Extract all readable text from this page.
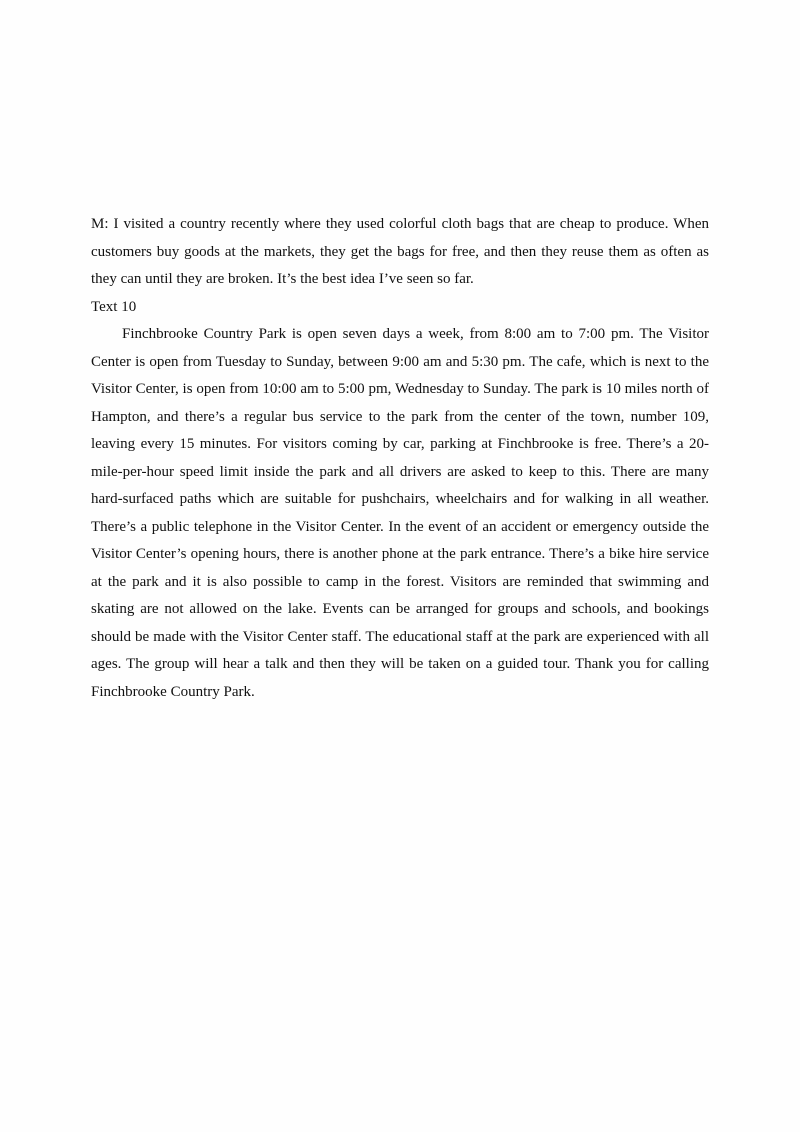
M: I visited a country recently where they used colorful cloth bags that are cheap to produce. When customers buy goods at the markets, they get the bags for free, and then they reuse them as often as they can until they are broken. It’s the best idea I’ve seen so far.

Text 10

Finchbrooke Country Park is open seven days a week, from 8:00 am to 7:00 pm. The Visitor Center is open from Tuesday to Sunday, between 9:00 am and 5:30 pm. The cafe, which is next to the Visitor Center, is open from 10:00 am to 5:00 pm, Wednesday to Sunday. The park is 10 miles north of Hampton, and there’s a regular bus service to the park from the center of the town, number 109, leaving every 15 minutes. For visitors coming by car, parking at Finchbrooke is free. There’s a 20-mile-per-hour speed limit inside the park and all drivers are asked to keep to this. There are many hard-surfaced paths which are suitable for pushchairs, wheelchairs and for walking in all weather. There’s a public telephone in the Visitor Center. In the event of an accident or emergency outside the Visitor Center’s opening hours, there is another phone at the park entrance. There’s a bike hire service at the park and it is also possible to camp in the forest. Visitors are reminded that swimming and skating are not allowed on the lake. Events can be arranged for groups and schools, and bookings should be made with the Visitor Center staff. The educational staff at the park are experienced with all ages. The group will hear a talk and then they will be taken on a guided tour. Thank you for calling Finchbrooke Country Park.
